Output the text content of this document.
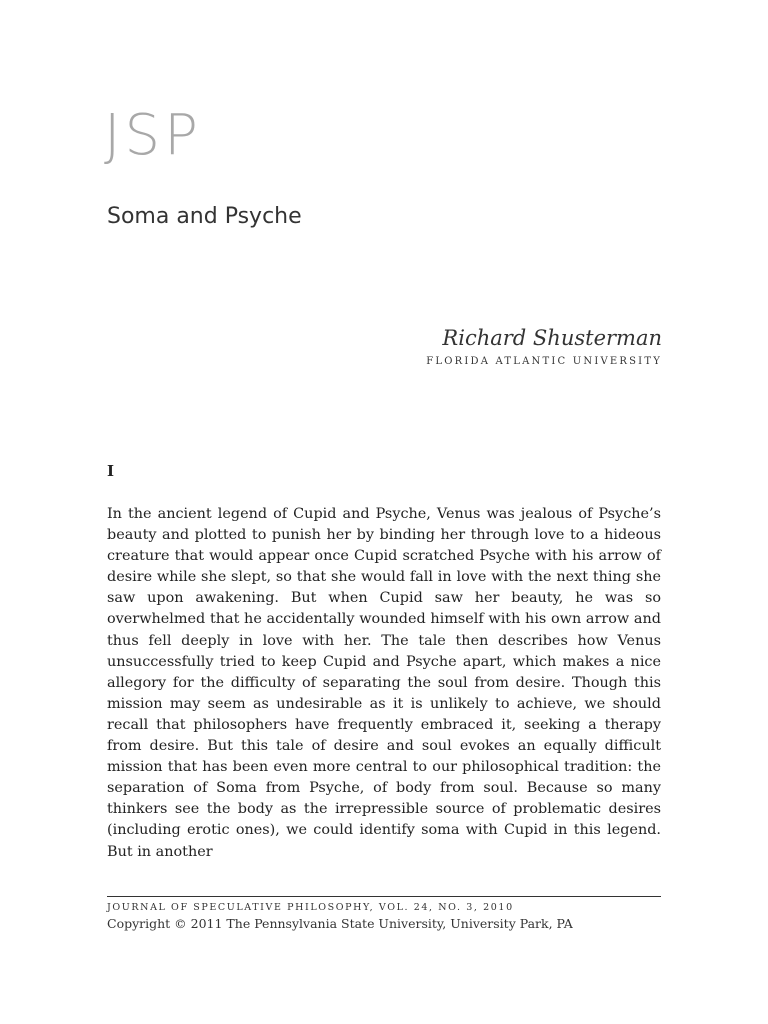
JSP
Soma and Psyche
Richard Shusterman
FLORIDA ATLANTIC UNIVERSITY
I

In the ancient legend of Cupid and Psyche, Venus was jealous of Psyche’s beauty and plotted to punish her by binding her through love to a hideous creature that would appear once Cupid scratched Psyche with his arrow of desire while she slept, so that she would fall in love with the next thing she saw upon awakening. But when Cupid saw her beauty, he was so overwhelmed that he accidentally wounded himself with his own arrow and thus fell deeply in love with her. The tale then describes how Venus unsuccessfully tried to keep Cupid and Psyche apart, which makes a nice allegory for the difficulty of separating the soul from desire. Though this mission may seem as undesirable as it is unlikely to achieve, we should recall that philosophers have frequently embraced it, seeking a therapy from desire. But this tale of desire and soul evokes an equally difficult mission that has been even more central to our philosophical tradition: the separation of Soma from Psyche, of body from soul. Because so many thinkers see the body as the irrepressible source of problematic desires (including erotic ones), we could identify soma with Cupid in this legend. But in another

JOURNAL OF SPECULATIVE PHILOSOPHY, VOL. 24, NO. 3, 2010
Copyright © 2011 The Pennsylvania State University, University Park, PA
